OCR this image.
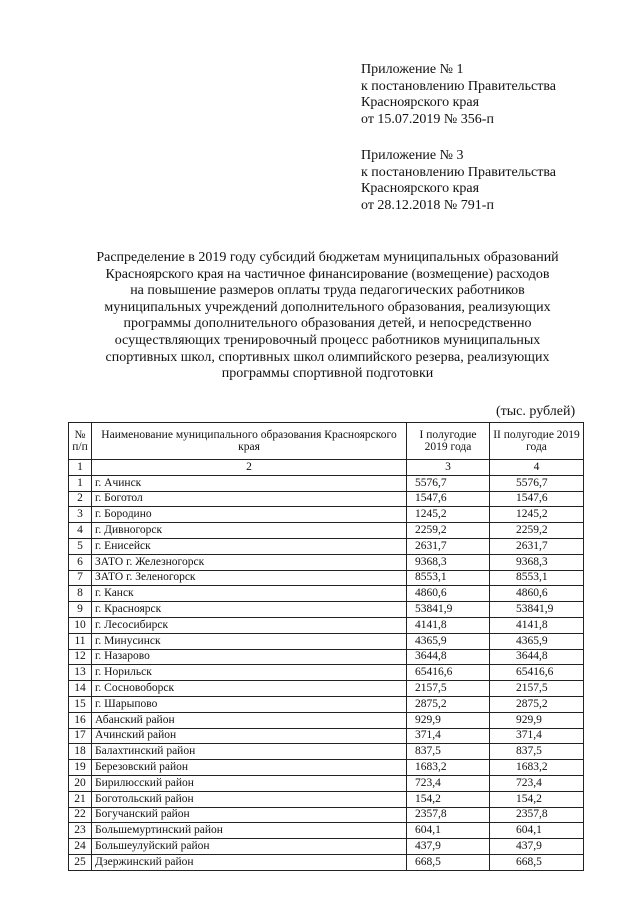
Приложение № 1
к постановлению Правительства
Красноярского края
от 15.07.2019 № 356-п
Приложение № 3
к постановлению Правительства
Красноярского края
от 28.12.2018 № 791-п
Распределение в 2019 году субсидий бюджетам муниципальных образований
Красноярского края на частичное финансирование (возмещение) расходов
на повышение размеров оплаты труда педагогических работников
муниципальных учреждений дополнительного образования, реализующих
программы дополнительного образования детей, и непосредственно
осуществляющих тренировочный процесс работников муниципальных
спортивных школ, спортивных школ олимпийского резерва, реализующих
программы спортивной подготовки
(тыс. рублей)
№ п/п	Наименование муниципального образования Красноярского края	I полугодие 2019 года	II полугодие 2019 года
1	2	3	4
1	г. Ачинск	5576,7	5576,7
2	г. Боготол	1547,6	1547,6
3	г. Бородино	1245,2	1245,2
4	г. Дивногорск	2259,2	2259,2
5	г. Енисейск	2631,7	2631,7
6	ЗАТО г. Железногорск	9368,3	9368,3
7	ЗАТО г. Зеленогорск	8553,1	8553,1
8	г. Канск	4860,6	4860,6
9	г. Красноярск	53841,9	53841,9
10	г. Лесосибирск	4141,8	4141,8
11	г. Минусинск	4365,9	4365,9
12	г. Назарово	3644,8	3644,8
13	г. Норильск	65416,6	65416,6
14	г. Сосновоборск	2157,5	2157,5
15	г. Шарыпово	2875,2	2875,2
16	Абанский район	929,9	929,9
17	Ачинский район	371,4	371,4
18	Балахтинский район	837,5	837,5
19	Березовский район	1683,2	1683,2
20	Бирилюсский район	723,4	723,4
21	Боготольский район	154,2	154,2
22	Богучанский район	2357,8	2357,8
23	Большемуртинский район	604,1	604,1
24	Большеулуйский район	437,9	437,9
25	Дзержинский район	668,5	668,5
